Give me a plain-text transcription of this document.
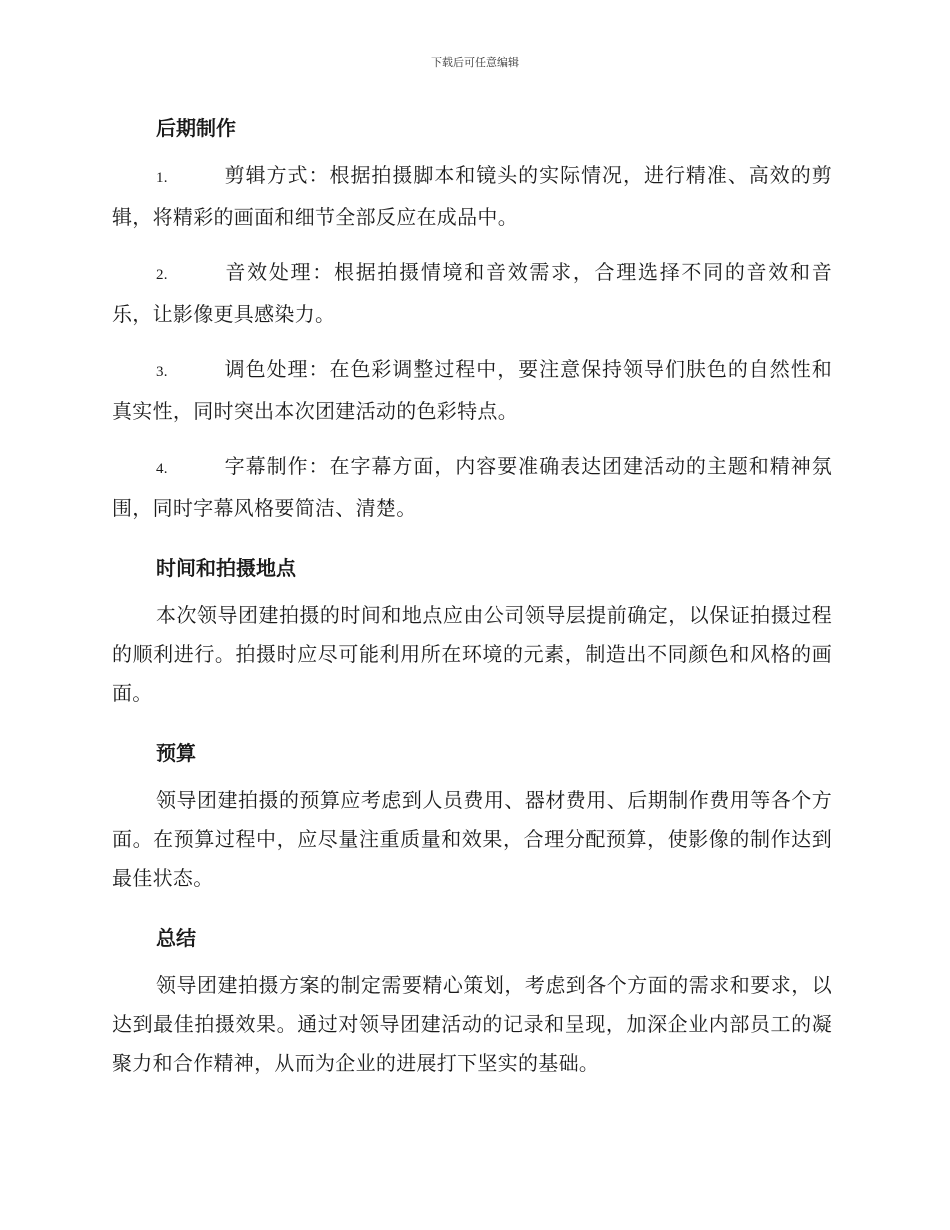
下载后可任意编辑
后期制作
1.	剪辑方式：根据拍摄脚本和镜头的实际情况，进行精准、高效的剪辑，将精彩的画面和细节全部反应在成品中。
2.	音效处理：根据拍摄情境和音效需求，合理选择不同的音效和音乐，让影像更具感染力。
3.	调色处理：在色彩调整过程中，要注意保持领导们肤色的自然性和真实性，同时突出本次团建活动的色彩特点。
4.	字幕制作：在字幕方面，内容要准确表达团建活动的主题和精神氛围，同时字幕风格要简洁、清楚。
时间和拍摄地点

本次领导团建拍摄的时间和地点应由公司领导层提前确定，以保证拍摄过程的顺利进行。拍摄时应尽可能利用所在环境的元素，制造出不同颜色和风格的画面。

预算

领导团建拍摄的预算应考虑到人员费用、器材费用、后期制作费用等各个方面。在预算过程中，应尽量注重质量和效果，合理分配预算，使影像的制作达到最佳状态。

总结

领导团建拍摄方案的制定需要精心策划，考虑到各个方面的需求和要求，以达到最佳拍摄效果。通过对领导团建活动的记录和呈现，加深企业内部员工的凝聚力和合作精神，从而为企业的进展打下坚实的基础。
